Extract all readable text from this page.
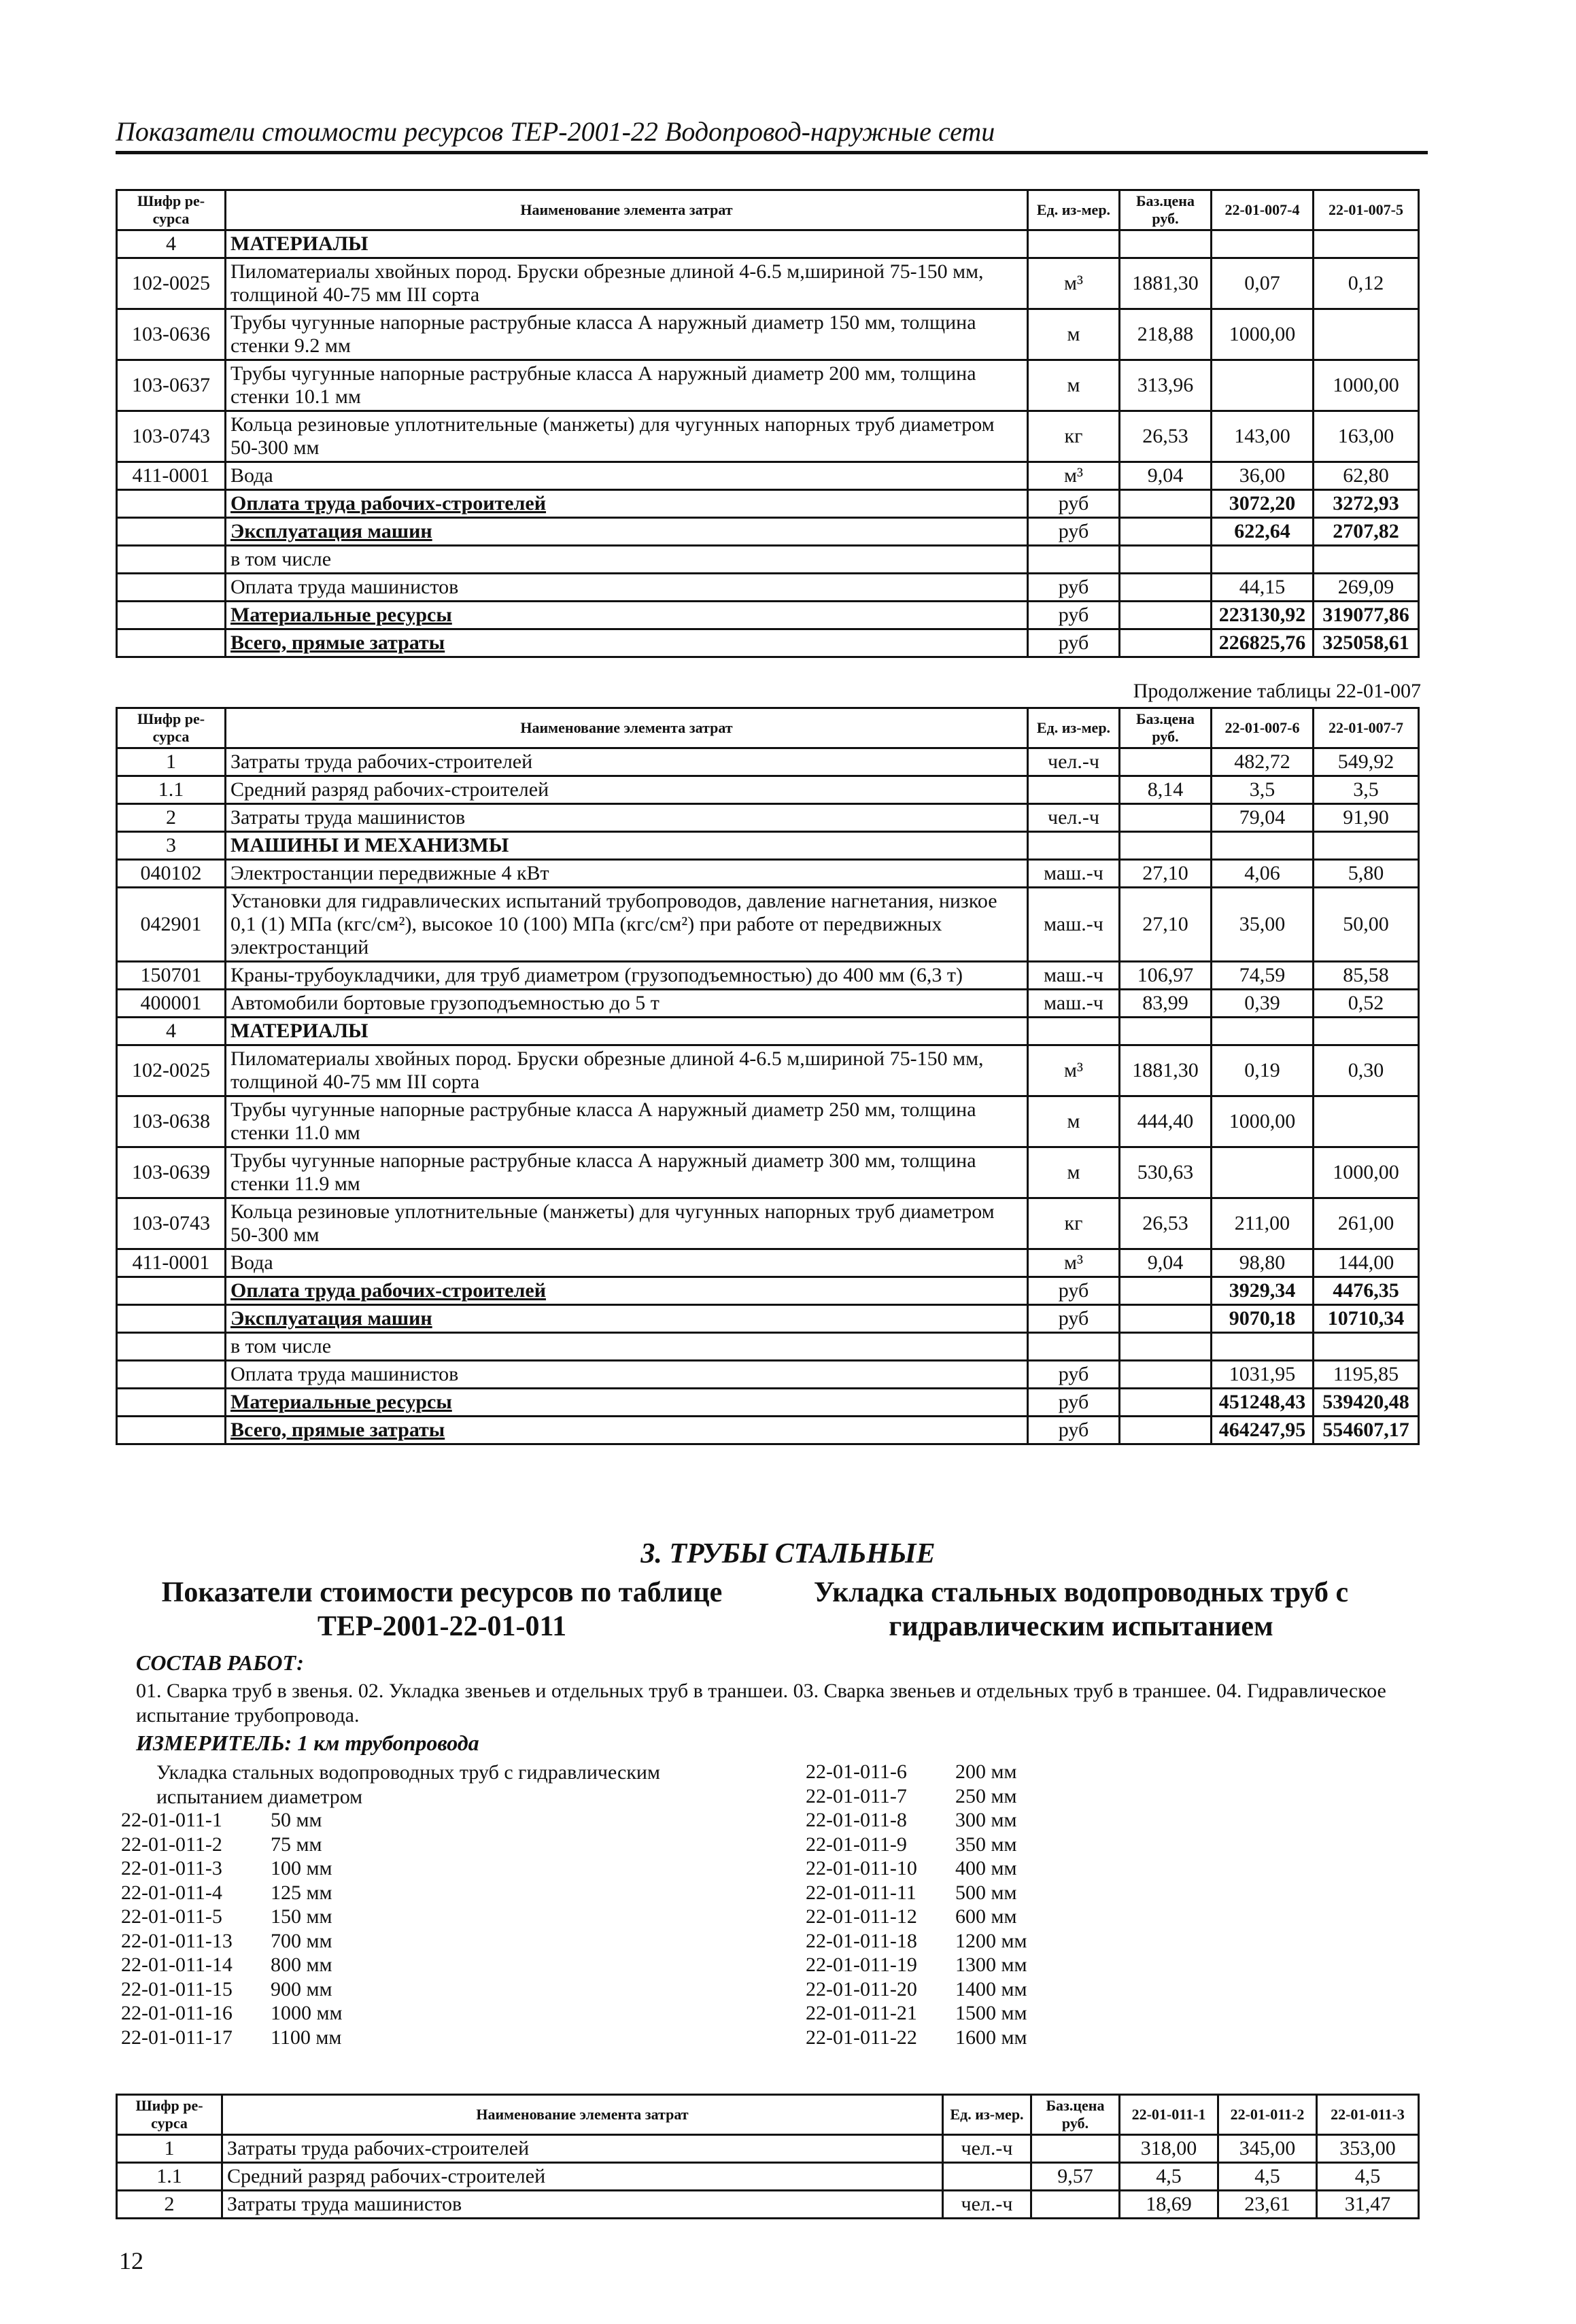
Показатели стоимости ресурсов ТЕР-2001-22 Водопровод-наружные сети
Шифр ре-сурса	Наименование элемента затрат	Ед. из-мер.	Баз.цена руб.	22-01-007-4	22-01-007-5
4	МАТЕРИАЛЫ				
102-0025	Пиломатериалы хвойных пород. Бруски обрезные длиной 4-6.5 м,шириной 75-150 мм, толщиной 40-75 мм III сорта	м³	1881,30	0,07	0,12
103-0636	Трубы чугунные напорные раструбные класса А наружный диаметр 150 мм, толщина стенки 9.2 мм	м	218,88	1000,00	
103-0637	Трубы чугунные напорные раструбные класса А наружный диаметр 200 мм, толщина стенки 10.1 мм	м	313,96		1000,00
103-0743	Кольца резиновые уплотнительные (манжеты) для чугунных напорных труб диаметром 50-300 мм	кг	26,53	143,00	163,00
411-0001	Вода	м³	9,04	36,00	62,80
	Оплата труда рабочих-строителей	руб		3072,20	3272,93
	Эксплуатация машин	руб		622,64	2707,82
	в том числе				
	Оплата труда машинистов	руб		44,15	269,09
	Материальные ресурсы	руб		223130,92	319077,86
	Всего, прямые затраты	руб		226825,76	325058,61
Продолжение таблицы 22-01-007
Шифр ре-сурса	Наименование элемента затрат	Ед. из-мер.	Баз.цена руб.	22-01-007-6	22-01-007-7
1	Затраты труда рабочих-строителей	чел.-ч		482,72	549,92
1.1	Средний разряд рабочих-строителей		8,14	3,5	3,5
2	Затраты труда машинистов	чел.-ч		79,04	91,90
3	МАШИНЫ И МЕХАНИЗМЫ				
040102	Электростанции передвижные 4 кВт	маш.-ч	27,10	4,06	5,80
042901	Установки для гидравлических испытаний трубопроводов, давление нагнетания, низкое 0,1 (1) МПа (кгс/см²), высокое 10 (100) МПа (кгс/см²) при работе от передвижных электростанций	маш.-ч	27,10	35,00	50,00
150701	Краны-трубоукладчики, для труб диаметром (грузоподъемностью) до 400 мм (6,3 т)	маш.-ч	106,97	74,59	85,58
400001	Автомобили бортовые грузоподъемностью до 5 т	маш.-ч	83,99	0,39	0,52
4	МАТЕРИАЛЫ				
102-0025	Пиломатериалы хвойных пород. Бруски обрезные длиной 4-6.5 м,шириной 75-150 мм, толщиной 40-75 мм III сорта	м³	1881,30	0,19	0,30
103-0638	Трубы чугунные напорные раструбные класса А наружный диаметр 250 мм, толщина стенки 11.0 мм	м	444,40	1000,00	
103-0639	Трубы чугунные напорные раструбные класса А наружный диаметр 300 мм, толщина стенки 11.9 мм	м	530,63		1000,00
103-0743	Кольца резиновые уплотнительные (манжеты) для чугунных напорных труб диаметром 50-300 мм	кг	26,53	211,00	261,00
411-0001	Вода	м³	9,04	98,80	144,00
	Оплата труда рабочих-строителей	руб		3929,34	4476,35
	Эксплуатация машин	руб		9070,18	10710,34
	в том числе				
	Оплата труда машинистов	руб		1031,95	1195,85
	Материальные ресурсы	руб		451248,43	539420,48
	Всего, прямые затраты	руб		464247,95	554607,17
3. ТРУБЫ СТАЛЬНЫЕ
Показатели стоимости ресурсов по таблице ТЕР-2001-22-01-011
Укладка стальных водопроводных труб с гидравлическим испытанием
СОСТАВ РАБОТ:
01. Сварка труб в звенья. 02. Укладка звеньев и отдельных труб в траншеи. 03. Сварка звеньев и отдельных труб в траншее. 04. Гидравлическое испытание трубопровода.
ИЗМЕРИТЕЛЬ: 1 км трубопровода
Укладка стальных водопроводных труб с гидравлическим испытанием диаметром
22-01-011-1	50 мм
22-01-011-2	75 мм
22-01-011-3	100 мм
22-01-011-4	125 мм
22-01-011-5	150 мм
22-01-011-13	700 мм
22-01-011-14	800 мм
22-01-011-15	900 мм
22-01-011-16	1000 мм
22-01-011-17	1100 мм
22-01-011-6	200 мм
22-01-011-7	250 мм
22-01-011-8	300 мм
22-01-011-9	350 мм
22-01-011-10	400 мм
22-01-011-11	500 мм
22-01-011-12	600 мм
22-01-011-18	1200 мм
22-01-011-19	1300 мм
22-01-011-20	1400 мм
22-01-011-21	1500 мм
22-01-011-22	1600 мм
Шифр ре-сурса	Наименование элемента затрат	Ед. из-мер.	Баз.цена руб.	22-01-011-1	22-01-011-2	22-01-011-3
1	Затраты труда рабочих-строителей	чел.-ч		318,00	345,00	353,00
1.1	Средний разряд рабочих-строителей		9,57	4,5	4,5	4,5
2	Затраты труда машинистов	чел.-ч		18,69	23,61	31,47
12
